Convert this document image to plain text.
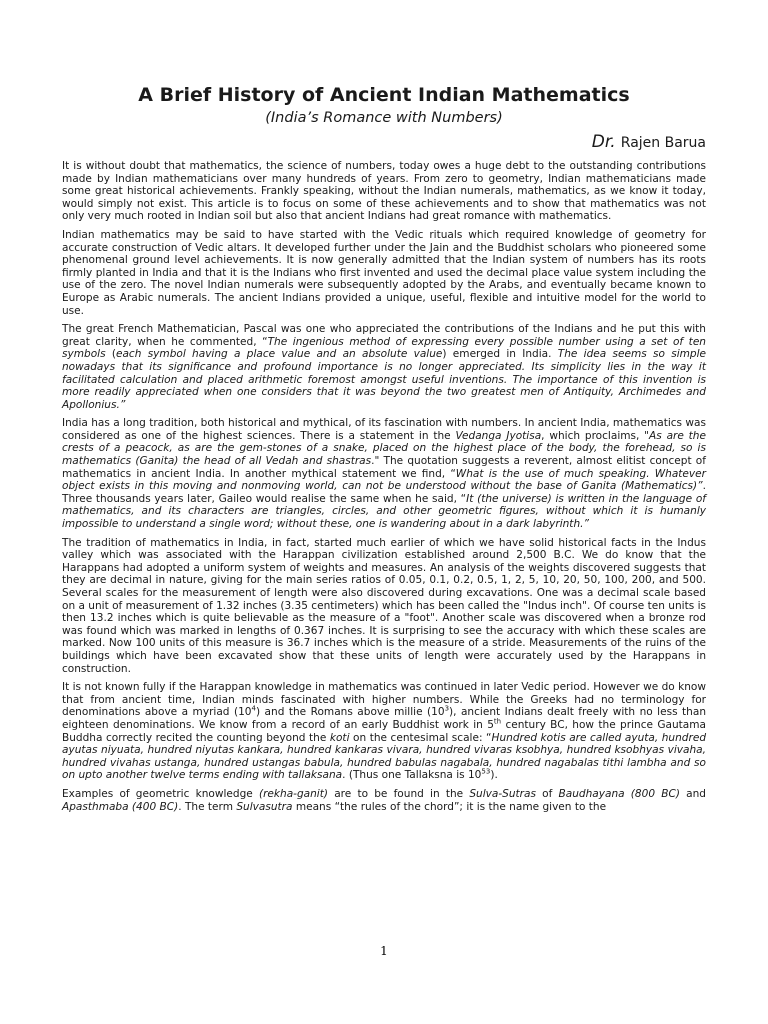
A Brief History of Ancient Indian Mathematics
(India’s Romance with Numbers)
Dr. Rajen Barua

It is without doubt that mathematics, the science of numbers, today owes a huge debt to the outstanding contributions made by Indian mathematicians over many hundreds of years. From zero to geometry, Indian mathematicians made some great historical achievements. Frankly speaking, without the Indian numerals, mathematics, as we know it today, would simply not exist. This article is to focus on some of these achievements and to show that mathematics was not only very much rooted in Indian soil but also that ancient Indians had great romance with mathematics.

Indian mathematics may be said to have started with the Vedic rituals which required knowledge of geometry for accurate construction of Vedic altars. It developed further under the Jain and the Buddhist scholars who pioneered some phenomenal ground level achievements. It is now generally admitted that the Indian system of numbers has its roots firmly planted in India and that it is the Indians who first invented and used the decimal place value system including the use of the zero. The novel Indian numerals were subsequently adopted by the Arabs, and eventually became known to Europe as Arabic numerals. The ancient Indians provided a unique, useful, flexible and intuitive model for the world to use.

The great French Mathematician, Pascal was one who appreciated the contributions of the Indians and he put this with great clarity, when he commented, “The ingenious method of expressing every possible number using a set of ten symbols (each symbol having a place value and an absolute value) emerged in India. The idea seems so simple nowadays that its significance and profound importance is no longer appreciated. Its simplicity lies in the way it facilitated calculation and placed arithmetic foremost amongst useful inventions. The importance of this invention is more readily appreciated when one considers that it was beyond the two greatest men of Antiquity, Archimedes and Apollonius.”

India has a long tradition, both historical and mythical, of its fascination with numbers. In ancient India, mathematics was considered as one of the highest sciences. There is a statement in the Vedanga Jyotisa, which proclaims, "As are the crests of a peacock, as are the gem-stones of a snake, placed on the highest place of the body, the forehead, so is mathematics (Ganita) the head of all Vedah and shastras." The quotation suggests a reverent, almost elitist concept of mathematics in ancient India. In another mythical statement we find, “What is the use of much speaking. Whatever object exists in this moving and nonmoving world, can not be understood without the base of Ganita (Mathematics)”. Three thousands years later, Gaileo would realise the same when he said, “It (the universe) is written in the language of mathematics, and its characters are triangles, circles, and other geometric figures, without which it is humanly impossible to understand a single word; without these, one is wandering about in a dark labyrinth.”

The tradition of mathematics in India, in fact, started much earlier of which we have solid historical facts in the Indus valley which was associated with the Harappan civilization established around 2,500 B.C. We do know that the Harappans had adopted a uniform system of weights and measures. An analysis of the weights discovered suggests that they are decimal in nature, giving for the main series ratios of 0.05, 0.1, 0.2, 0.5, 1, 2, 5, 10, 20, 50, 100, 200, and 500. Several scales for the measurement of length were also discovered during excavations. One was a decimal scale based on a unit of measurement of 1.32 inches (3.35 centimeters) which has been called the "Indus inch". Of course ten units is then 13.2 inches which is quite believable as the measure of a "foot". Another scale was discovered when a bronze rod was found which was marked in lengths of 0.367 inches. It is surprising to see the accuracy with which these scales are marked. Now 100 units of this measure is 36.7 inches which is the measure of a stride. Measurements of the ruins of the buildings which have been excavated show that these units of length were accurately used by the Harappans in construction.

It is not known fully if the Harappan knowledge in mathematics was continued in later Vedic period. However we do know that from ancient time, Indian minds fascinated with higher numbers. While the Greeks had no terminology for denominations above a myriad $(10^4)$ and the Romans above millie $(10^3)$, ancient Indians dealt freely with no less than eighteen denominations. We know from a record of an early Buddhist work in 5th century BC, how the prince Gautama Buddha correctly recited the counting beyond the koti on the centesimal scale: “Hundred kotis are called ayuta, hundred ayutas niyuata, hundred niyutas kankara, hundred kankaras vivara, hundred vivaras ksobhya, hundred ksobhyas vivaha, hundred vivahas ustanga, hundred ustangas babula, hundred babulas nagabala, hundred nagabalas tithi lambha and so on upto another twelve terms ending with tallaksana. (Thus one Tallaksna is $10^{53}$).

Examples of geometric knowledge (rekha-ganit) are to be found in the Sulva-Sutras of Baudhayana (800 BC) and Apasthmaba (400 BC). The term Sulvasutra means “the rules of the chord”; it is the name given to the

1
